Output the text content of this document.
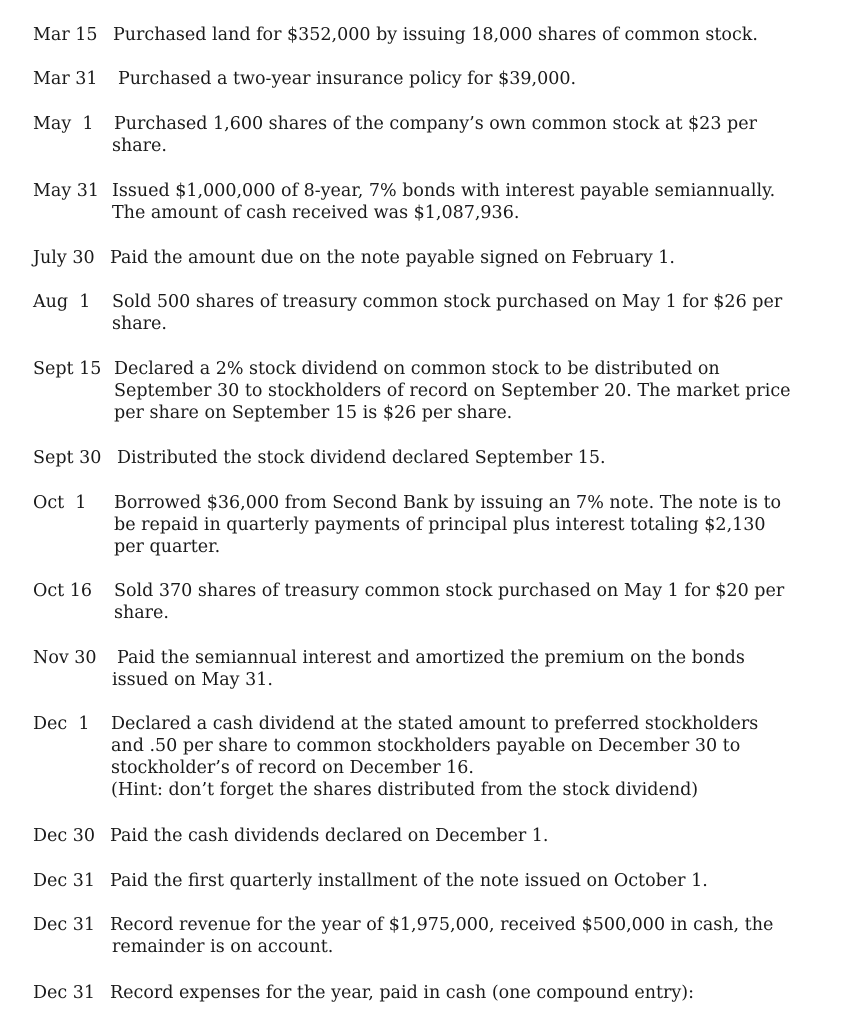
Mar 15 Purchased land for $352,000 by issuing 18,000 shares of common stock.
Mar 31 Purchased a two-year insurance policy for $39,000.
May  1 Purchased 1,600 shares of the company’s own common stock at $23 per
share.
May 31 Issued $1,000,000 of 8-year, 7% bonds with interest payable semiannually.
The amount of cash received was $1,087,936.
July 30 Paid the amount due on the note payable signed on February 1.
Aug  1 Sold 500 shares of treasury common stock purchased on May 1 for $26 per
share.
Sept 15 Declared a 2% stock dividend on common stock to be distributed on
September 30 to stockholders of record on September 20. The market price
per share on September 15 is $26 per share.
Sept 30 Distributed the stock dividend declared September 15.
Oct  1 Borrowed $36,000 from Second Bank by issuing an 7% note. The note is to
be repaid in quarterly payments of principal plus interest totaling $2,130
per quarter.
Oct 16 Sold 370 shares of treasury common stock purchased on May 1 for $20 per
share.
Nov 30 Paid the semiannual interest and amortized the premium on the bonds
issued on May 31.
Dec  1 Declared a cash dividend at the stated amount to preferred stockholders
and .50 per share to common stockholders payable on December 30 to
stockholder’s of record on December 16.
(Hint: don’t forget the shares distributed from the stock dividend)
Dec 30 Paid the cash dividends declared on December 1.
Dec 31 Paid the first quarterly installment of the note issued on October 1.
Dec 31 Record revenue for the year of $1,975,000, received $500,000 in cash, the
remainder is on account.
Dec 31 Record expenses for the year, paid in cash (one compound entry):
